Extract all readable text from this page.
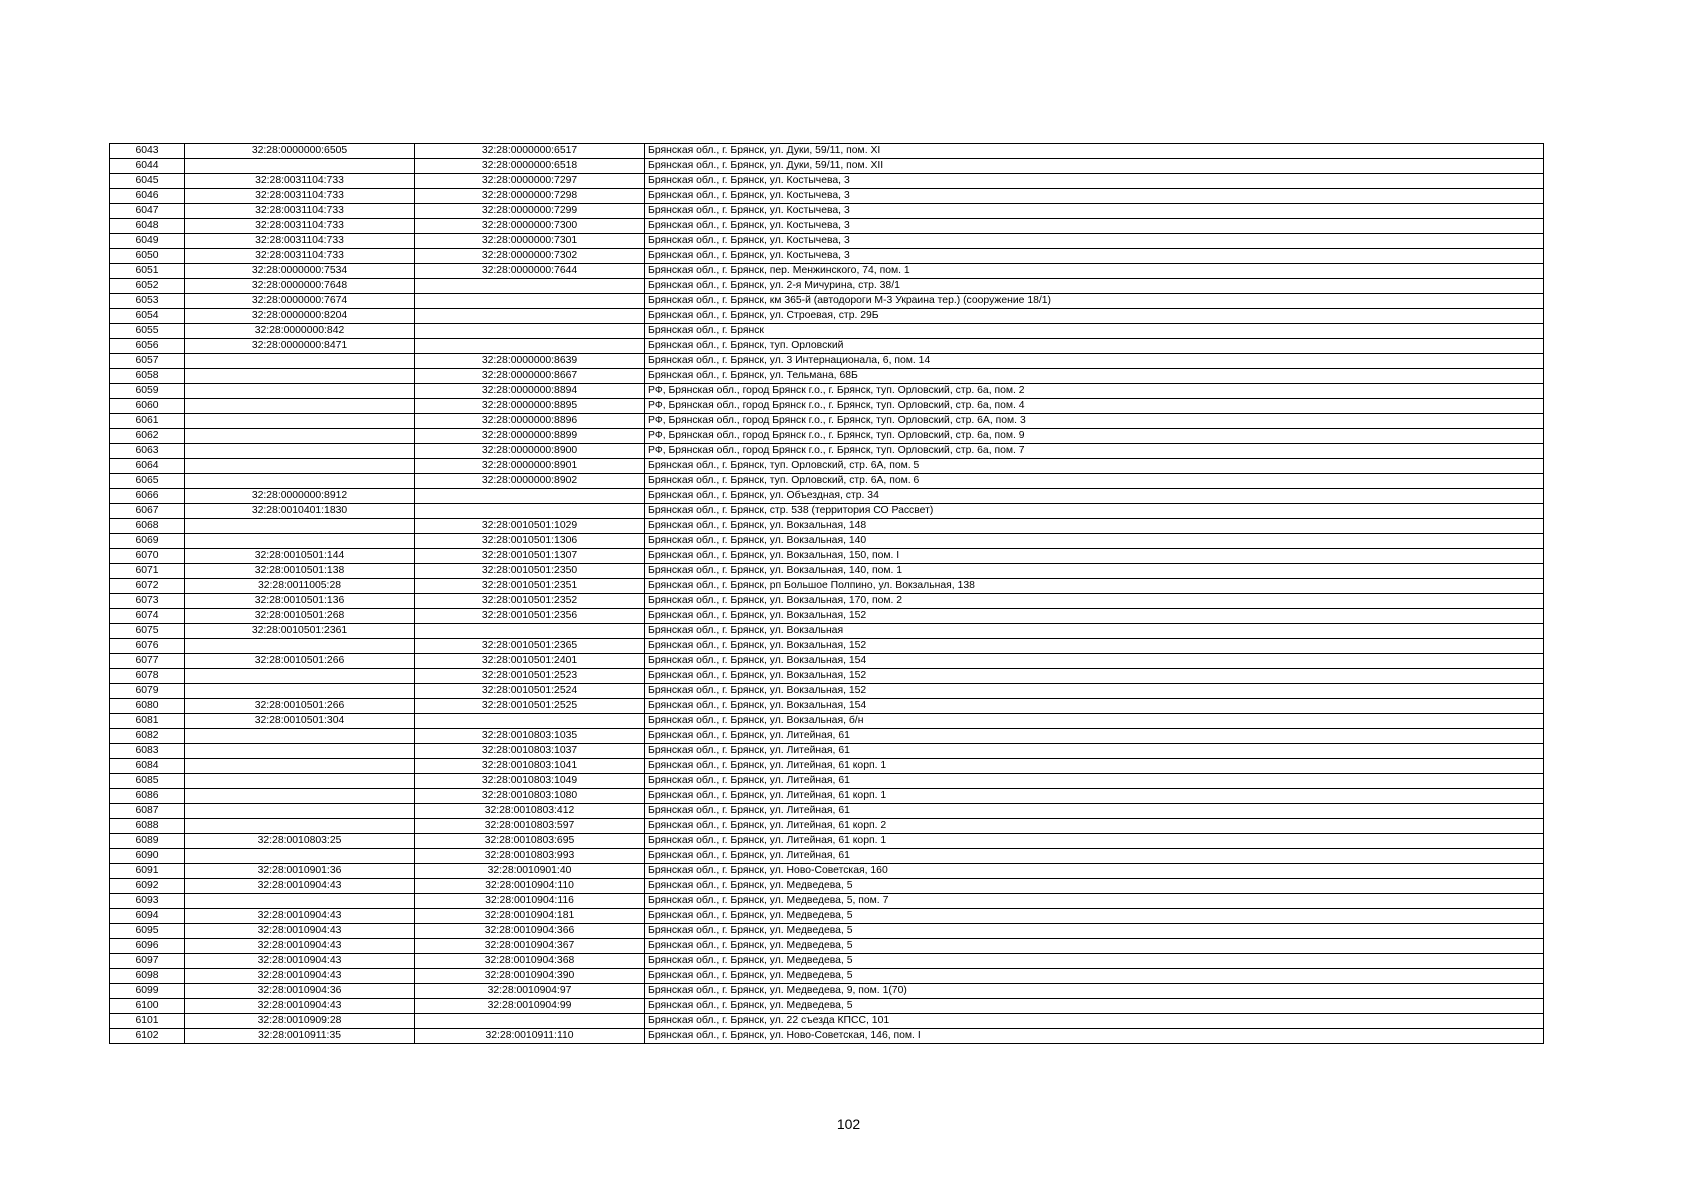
6043	32:28:0000000:6505	32:28:0000000:6517	Брянская обл., г. Брянск, ул. Дуки, 59/11, пом. XI
6044		32:28:0000000:6518	Брянская обл., г. Брянск, ул. Дуки, 59/11, пом. XII
6045	32:28:0031104:733	32:28:0000000:7297	Брянская обл., г. Брянск, ул. Костычева, 3
6046	32:28:0031104:733	32:28:0000000:7298	Брянская обл., г. Брянск, ул. Костычева, 3
6047	32:28:0031104:733	32:28:0000000:7299	Брянская обл., г. Брянск, ул. Костычева, 3
6048	32:28:0031104:733	32:28:0000000:7300	Брянская обл., г. Брянск, ул. Костычева, 3
6049	32:28:0031104:733	32:28:0000000:7301	Брянская обл., г. Брянск, ул. Костычева, 3
6050	32:28:0031104:733	32:28:0000000:7302	Брянская обл., г. Брянск, ул. Костычева, 3
6051	32:28:0000000:7534	32:28:0000000:7644	Брянская обл., г. Брянск, пер. Менжинского, 74, пом. 1
6052	32:28:0000000:7648		Брянская обл., г. Брянск, ул. 2-я Мичурина, стр. 38/1
6053	32:28:0000000:7674		Брянская обл., г. Брянск, км 365-й (автодороги М-3 Украина тер.) (сооружение 18/1)
6054	32:28:0000000:8204		Брянская обл., г. Брянск, ул. Строевая, стр. 29Б
6055	32:28:0000000:842		Брянская обл., г. Брянск
6056	32:28:0000000:8471		Брянская обл., г. Брянск, туп. Орловский
6057		32:28:0000000:8639	Брянская обл., г. Брянск, ул. 3 Интернационала, 6, пом. 14
6058		32:28:0000000:8667	Брянская обл., г. Брянск, ул. Тельмана, 68Б
6059		32:28:0000000:8894	РФ, Брянская обл., город Брянск г.о., г. Брянск, туп. Орловский, стр. 6а, пом. 2
6060		32:28:0000000:8895	РФ, Брянская обл., город Брянск г.о., г. Брянск, туп. Орловский, стр. 6а, пом. 4
6061		32:28:0000000:8896	РФ, Брянская обл., город Брянск г.о., г. Брянск, туп. Орловский, стр. 6А, пом. 3
6062		32:28:0000000:8899	РФ, Брянская обл., город Брянск г.о., г. Брянск, туп. Орловский, стр. 6а, пом. 9
6063		32:28:0000000:8900	РФ, Брянская обл., город Брянск г.о., г. Брянск, туп. Орловский, стр. 6а, пом. 7
6064		32:28:0000000:8901	Брянская обл., г. Брянск, туп. Орловский, стр. 6А, пом. 5
6065		32:28:0000000:8902	Брянская обл., г. Брянск, туп. Орловский, стр. 6А, пом. 6
6066	32:28:0000000:8912		Брянская обл., г. Брянск, ул. Объездная, стр. 34
6067	32:28:0010401:1830		Брянская обл., г. Брянск, стр. 538 (территория СО Рассвет)
6068		32:28:0010501:1029	Брянская обл., г. Брянск, ул. Вокзальная, 148
6069		32:28:0010501:1306	Брянская обл., г. Брянск, ул. Вокзальная, 140
6070	32:28:0010501:144	32:28:0010501:1307	Брянская обл., г. Брянск, ул. Вокзальная, 150, пом. I
6071	32:28:0010501:138	32:28:0010501:2350	Брянская обл., г. Брянск, ул. Вокзальная, 140, пом. 1
6072	32:28:0011005:28	32:28:0010501:2351	Брянская обл., г. Брянск, рп Большое Полпино, ул. Вокзальная, 138
6073	32:28:0010501:136	32:28:0010501:2352	Брянская обл., г. Брянск, ул. Вокзальная, 170, пом. 2
6074	32:28:0010501:268	32:28:0010501:2356	Брянская обл., г. Брянск, ул. Вокзальная, 152
6075	32:28:0010501:2361		Брянская обл., г. Брянск, ул. Вокзальная
6076		32:28:0010501:2365	Брянская обл., г. Брянск, ул. Вокзальная, 152
6077	32:28:0010501:266	32:28:0010501:2401	Брянская обл., г. Брянск, ул. Вокзальная, 154
6078		32:28:0010501:2523	Брянская обл., г. Брянск, ул. Вокзальная, 152
6079		32:28:0010501:2524	Брянская обл., г. Брянск, ул. Вокзальная, 152
6080	32:28:0010501:266	32:28:0010501:2525	Брянская обл., г. Брянск, ул. Вокзальная, 154
6081	32:28:0010501:304		Брянская обл., г. Брянск, ул. Вокзальная, б/н
6082		32:28:0010803:1035	Брянская обл., г. Брянск, ул. Литейная, 61
6083		32:28:0010803:1037	Брянская обл., г. Брянск, ул. Литейная, 61
6084		32:28:0010803:1041	Брянская обл., г. Брянск, ул. Литейная, 61 корп. 1
6085		32:28:0010803:1049	Брянская обл., г. Брянск, ул. Литейная, 61
6086		32:28:0010803:1080	Брянская обл., г. Брянск, ул. Литейная, 61 корп. 1
6087		32:28:0010803:412	Брянская обл., г. Брянск, ул. Литейная, 61
6088		32:28:0010803:597	Брянская обл., г. Брянск, ул. Литейная, 61 корп. 2
6089	32:28:0010803:25	32:28:0010803:695	Брянская обл., г. Брянск, ул. Литейная, 61 корп. 1
6090		32:28:0010803:993	Брянская обл., г. Брянск, ул. Литейная, 61
6091	32:28:0010901:36	32:28:0010901:40	Брянская обл., г. Брянск, ул. Ново-Советская, 160
6092	32:28:0010904:43	32:28:0010904:110	Брянская обл., г. Брянск, ул. Медведева, 5
6093		32:28:0010904:116	Брянская обл., г. Брянск, ул. Медведева, 5, пом. 7
6094	32:28:0010904:43	32:28:0010904:181	Брянская обл., г. Брянск, ул. Медведева, 5
6095	32:28:0010904:43	32:28:0010904:366	Брянская обл., г. Брянск, ул. Медведева, 5
6096	32:28:0010904:43	32:28:0010904:367	Брянская обл., г. Брянск, ул. Медведева, 5
6097	32:28:0010904:43	32:28:0010904:368	Брянская обл., г. Брянск, ул. Медведева, 5
6098	32:28:0010904:43	32:28:0010904:390	Брянская обл., г. Брянск, ул. Медведева, 5
6099	32:28:0010904:36	32:28:0010904:97	Брянская обл., г. Брянск, ул. Медведева, 9, пом. 1(70)
6100	32:28:0010904:43	32:28:0010904:99	Брянская обл., г. Брянск, ул. Медведева, 5
6101	32:28:0010909:28		Брянская обл., г. Брянск, ул. 22 съезда КПСС, 101
6102	32:28:0010911:35	32:28:0010911:110	Брянская обл., г. Брянск, ул. Ново-Советская, 146, пом. I
102
